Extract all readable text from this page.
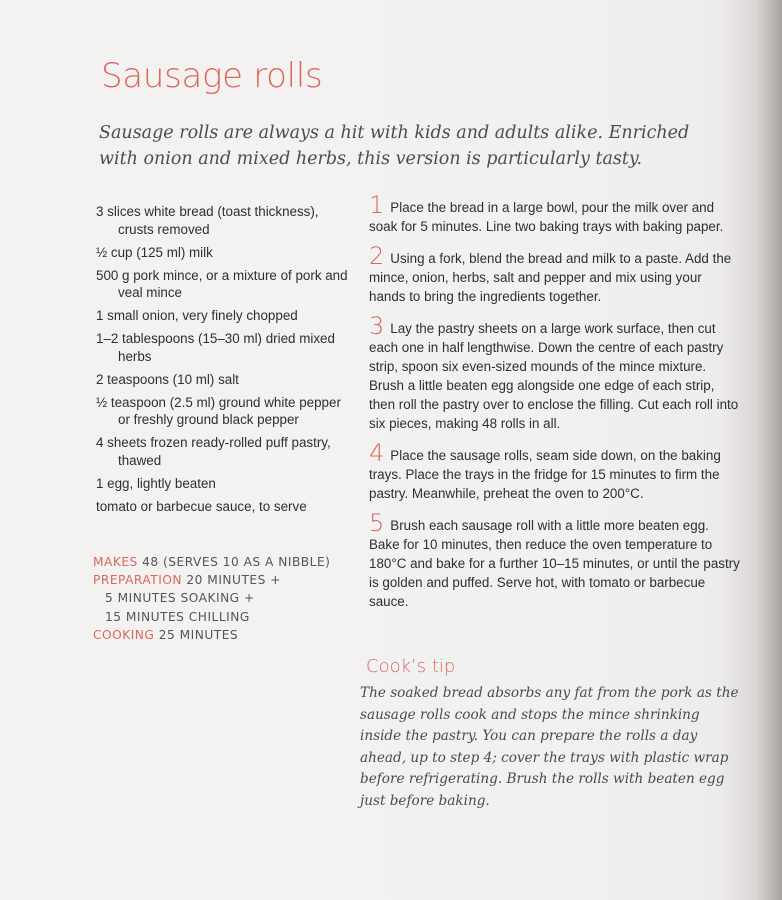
Sausage rolls
Sausage rolls are always a hit with kids and adults alike. Enriched with onion and mixed herbs, this version is particularly tasty.
3 slices white bread (toast thickness), crusts removed
½ cup (125 ml) milk
500 g pork mince, or a mixture of pork and veal mince
1 small onion, very finely chopped
1–2 tablespoons (15–30 ml) dried mixed herbs
2 teaspoons (10 ml) salt
½ teaspoon (2.5 ml) ground white pepper or freshly ground black pepper
4 sheets frozen ready-rolled puff pastry, thawed
1 egg, lightly beaten
tomato or barbecue sauce, to serve
MAKES 48 (SERVES 10 AS A NIBBLE)
PREPARATION 20 MINUTES +
5 MINUTES SOAKING +
15 MINUTES CHILLING
COOKING 25 MINUTES
1 Place the bread in a large bowl, pour the milk over and soak for 5 minutes. Line two baking trays with baking paper.
2 Using a fork, blend the bread and milk to a paste. Add the mince, onion, herbs, salt and pepper and mix using your hands to bring the ingredients together.
3 Lay the pastry sheets on a large work surface, then cut each one in half lengthwise. Down the centre of each pastry strip, spoon six even-sized mounds of the mince mixture. Brush a little beaten egg alongside one edge of each strip, then roll the pastry over to enclose the filling. Cut each roll into six pieces, making 48 rolls in all.
4 Place the sausage rolls, seam side down, on the baking trays. Place the trays in the fridge for 15 minutes to firm the pastry. Meanwhile, preheat the oven to 200°C.
5 Brush each sausage roll with a little more beaten egg. Bake for 10 minutes, then reduce the oven temperature to 180°C and bake for a further 10–15 minutes, or until the pastry is golden and puffed. Serve hot, with tomato or barbecue sauce.
Cook’s tip
The soaked bread absorbs any fat from the pork as the sausage rolls cook and stops the mince shrinking inside the pastry. You can prepare the rolls a day ahead, up to step 4; cover the trays with plastic wrap before refrigerating. Brush the rolls with beaten egg just before baking.
